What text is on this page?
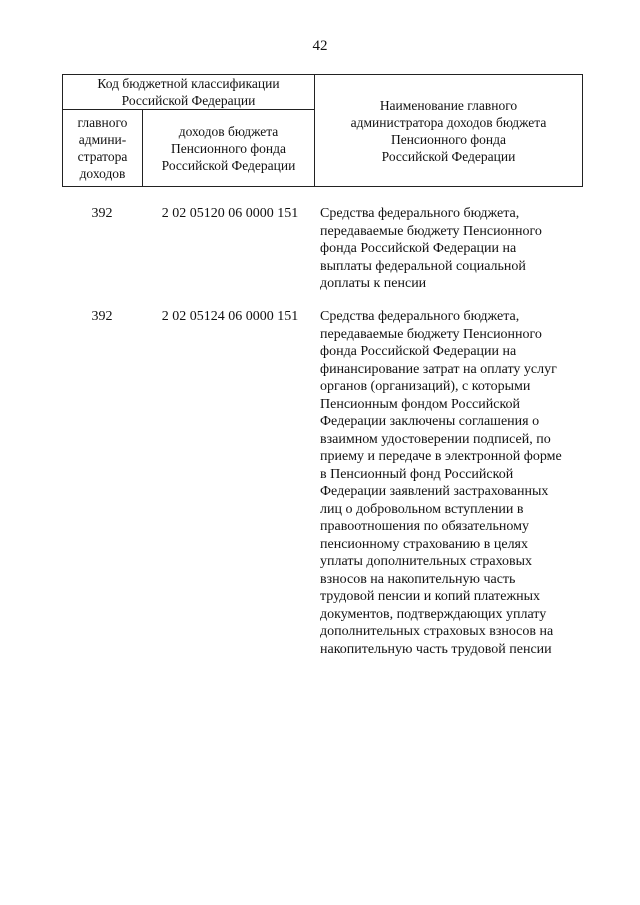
42
Код бюджетной классификации
Российской Федерации		Наименование главного
администратора доходов бюджета
Пенсионного фонда
Российской Федерации
главного
админи-
стратора
доходов	доходов бюджета
Пенсионного фонда
Российской Федерации	
392	2 02 05120 06 0000 151	Средства федерального бюджета,
передаваемые бюджету Пенсионного
фонда Российской Федерации на
выплаты федеральной социальной
доплаты к пенсии
392	2 02 05124 06 0000 151	Средства федерального бюджета,
передаваемые бюджету Пенсионного
фонда Российской Федерации на
финансирование затрат на оплату услуг
органов (организаций), с которыми
Пенсионным фондом Российской
Федерации заключены соглашения о
взаимном удостоверении подписей, по
приему и передаче в электронной форме
в Пенсионный фонд Российской
Федерации заявлений застрахованных
лиц о добровольном вступлении в
правоотношения по обязательному
пенсионному страхованию в целях
уплаты дополнительных страховых
взносов на накопительную часть
трудовой пенсии и копий платежных
документов, подтверждающих уплату
дополнительных страховых взносов на
накопительную часть трудовой пенсии
